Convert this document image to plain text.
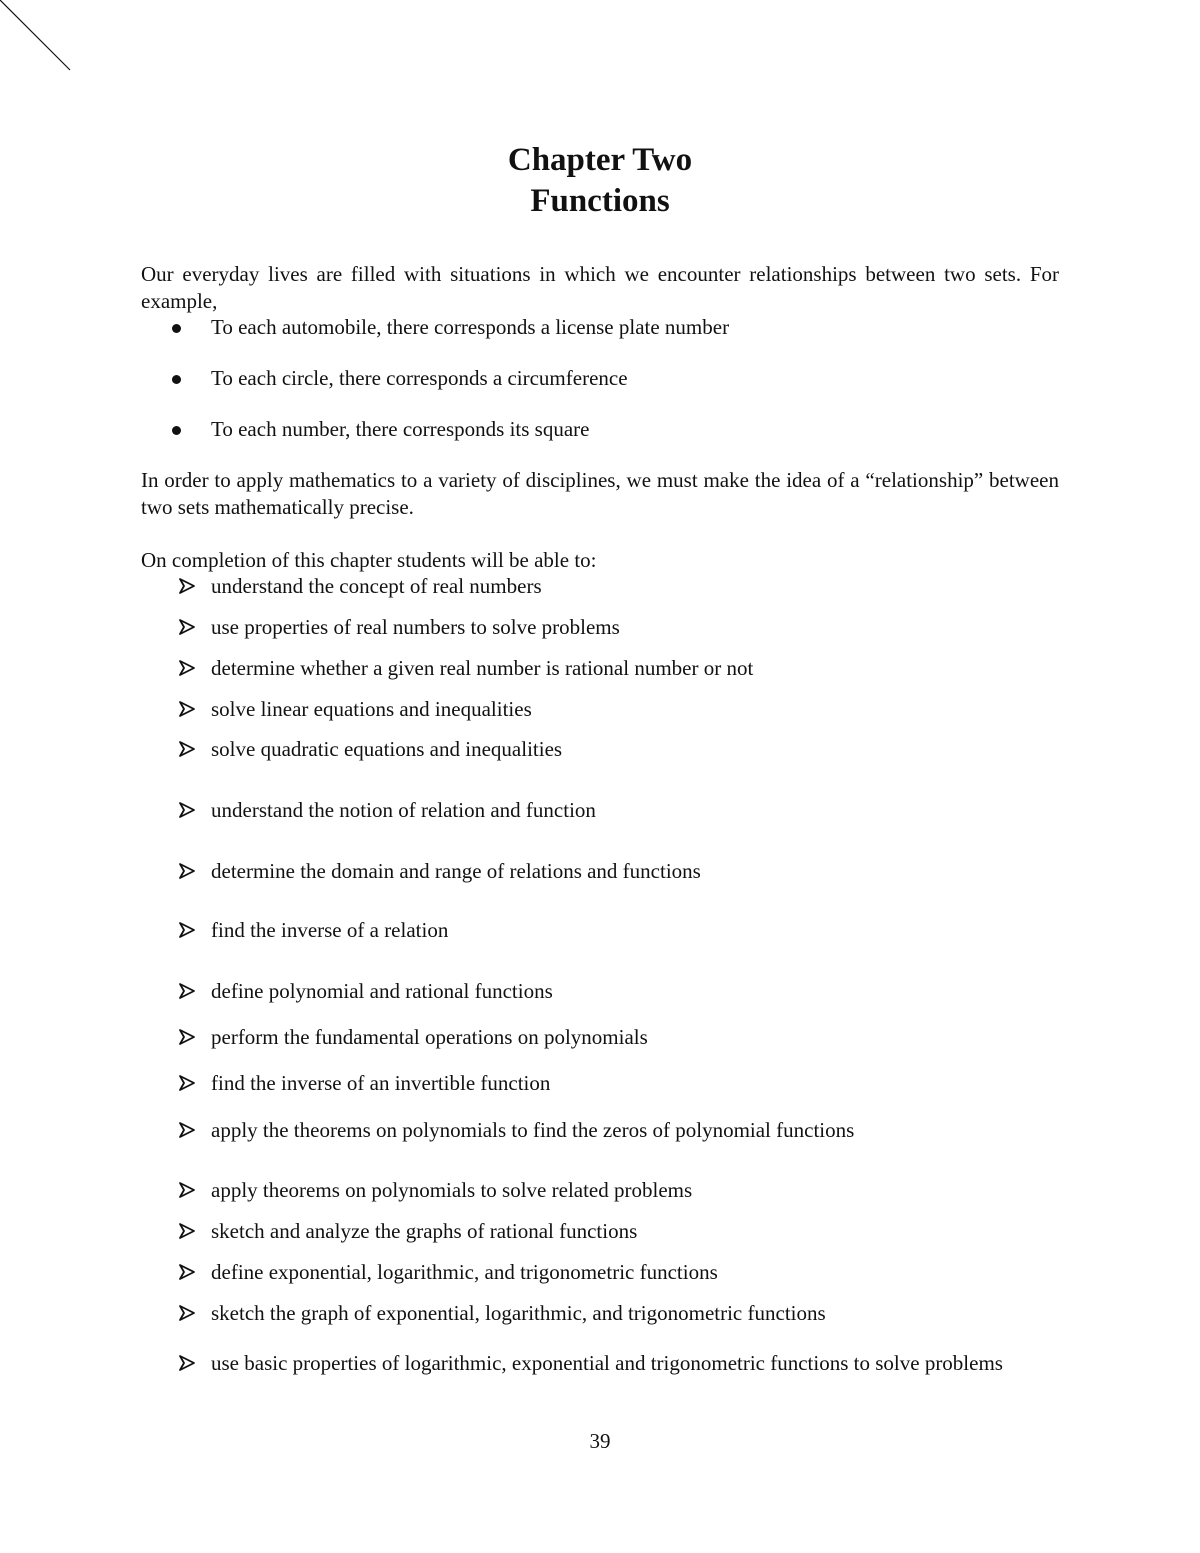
Chapter Two
Functions
Our everyday lives are filled with situations in which we encounter relationships between two sets. For example,
To each automobile, there corresponds a license plate number
To each circle, there corresponds a circumference
To each number, there corresponds its square
In order to apply mathematics to a variety of disciplines, we must make the idea of a “relationship” between two sets mathematically precise.
On completion of this chapter students will be able to:
understand the concept of real numbers
use properties of real numbers to solve problems
determine whether a given real number is rational number or not
solve linear equations and inequalities
solve quadratic equations and inequalities
understand the notion of relation and function
determine the domain and range of relations and functions
find the inverse of a relation
define polynomial and rational functions
perform the fundamental operations on polynomials
find the inverse of an invertible function
apply the theorems on polynomials to find the zeros of polynomial functions
apply theorems on polynomials to solve related problems
sketch and analyze the graphs of rational functions
define exponential, logarithmic, and trigonometric functions
sketch the graph of exponential, logarithmic, and trigonometric functions
use basic properties of logarithmic, exponential and trigonometric functions to solve problems
39
